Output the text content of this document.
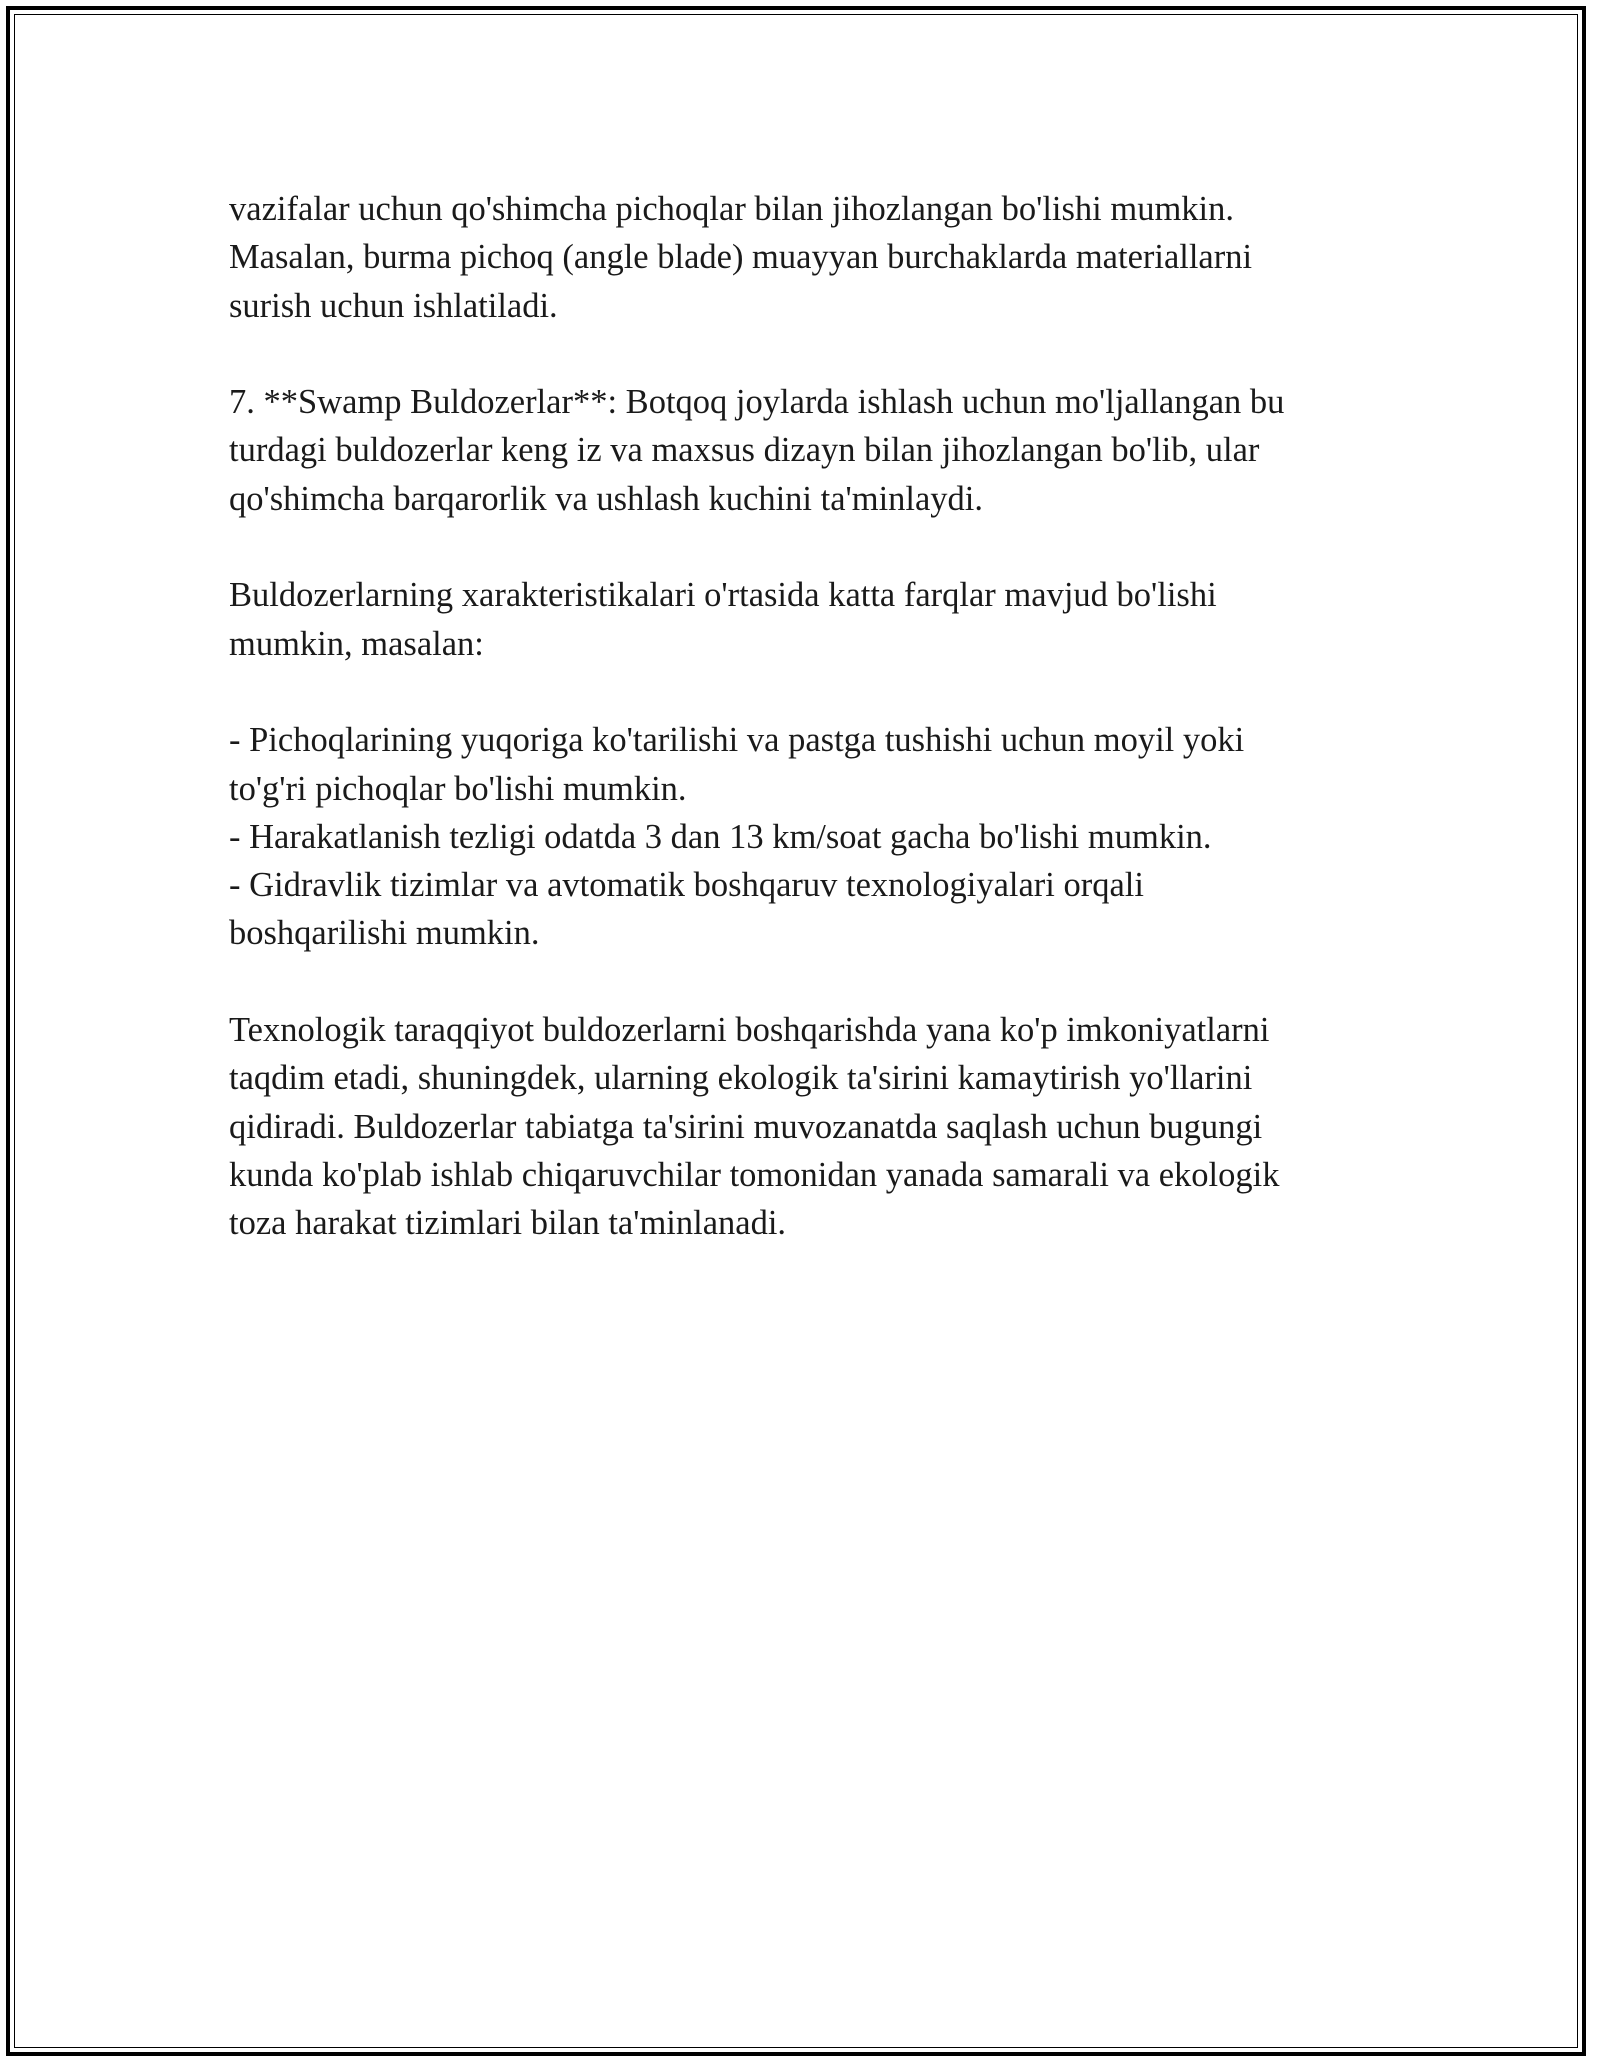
vazifalar uchun qo'shimcha pichoqlar bilan jihozlangan bo'lishi mumkin.
Masalan, burma pichoq (angle blade) muayyan burchaklarda materiallarni
surish uchun ishlatiladi.
7. **Swamp Buldozerlar**: Botqoq joylarda ishlash uchun mo'ljallangan bu
turdagi buldozerlar keng iz va maxsus dizayn bilan jihozlangan bo'lib, ular
qo'shimcha barqarorlik va ushlash kuchini ta'minlaydi.
Buldozerlarning xarakteristikalari o'rtasida katta farqlar mavjud bo'lishi
mumkin, masalan:
- Pichoqlarining yuqoriga ko'tarilishi va pastga tushishi uchun moyil yoki
to'g'ri pichoqlar bo'lishi mumkin.
- Harakatlanish tezligi odatda 3 dan 13 km/soat gacha bo'lishi mumkin.
- Gidravlik tizimlar va avtomatik boshqaruv texnologiyalari orqali
boshqarilishi mumkin.
Texnologik taraqqiyot buldozerlarni boshqarishda yana ko'p imkoniyatlarni
taqdim etadi, shuningdek, ularning ekologik ta'sirini kamaytirish yo'llarini
qidiradi. Buldozerlar tabiatga ta'sirini muvozanatda saqlash uchun bugungi
kunda ko'plab ishlab chiqaruvchilar tomonidan yanada samarali va ekologik
toza harakat tizimlari bilan ta'minlanadi.
